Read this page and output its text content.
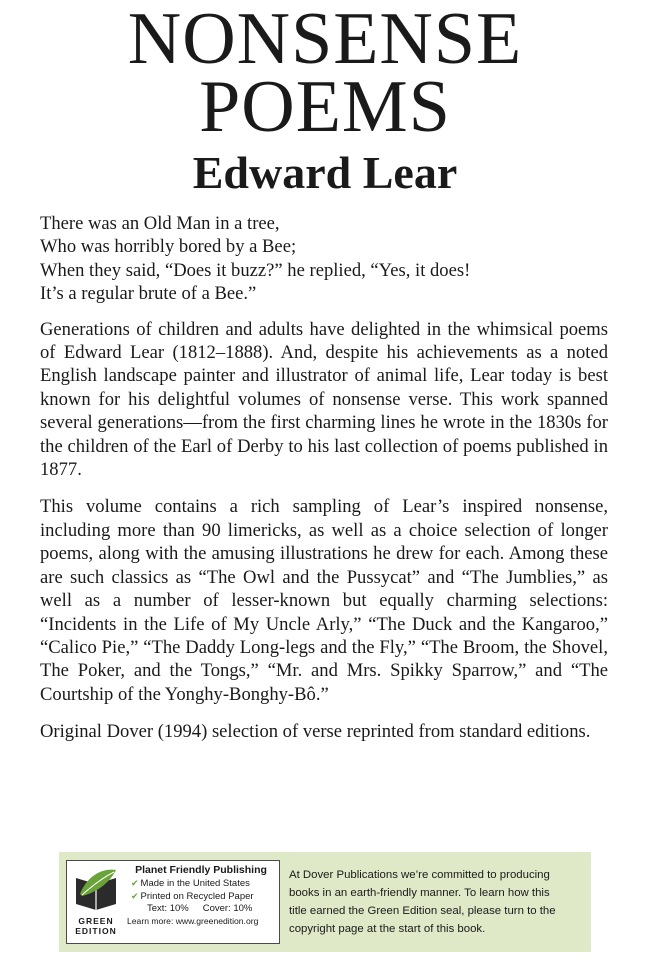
NONSENSE
POEMS
Edward Lear
There was an Old Man in a tree,
Who was horribly bored by a Bee;
When they said, “Does it buzz?” he replied, “Yes, it does!
It’s a regular brute of a Bee.”

Generations of children and adults have delighted in the whimsical poems of Edward Lear (1812–1888). And, despite his achievements as a noted English landscape painter and illustrator of animal life, Lear today is best known for his delightful volumes of nonsense verse. This work spanned several generations—from the first charming lines he wrote in the 1830s for the children of the Earl of Derby to his last collection of poems published in 1877.

This volume contains a rich sampling of Lear’s inspired nonsense, including more than 90 limericks, as well as a choice selection of longer poems, along with the amusing illustrations he drew for each. Among these are such classics as “The Owl and the Pussycat” and “The Jumblies,” as well as a number of lesser-known but equally charming selections: “Incidents in the Life of My Uncle Arly,” “The Duck and the Kangaroo,” “Calico Pie,” “The Daddy Long-legs and the Fly,” “The Broom, the Shovel, The Poker, and the Tongs,” “Mr. and Mrs. Spikky Sparrow,” and “The Courtship of the Yonghy-Bonghy-Bô.”

Original Dover (1994) selection of verse reprinted from standard editions.

GREEN
EDITION
Planet Friendly Publishing
✔ Made in the United States
✔ Printed on Recycled Paper
Text: 10% Cover: 10%
Learn more: www.greenedition.org
At Dover Publications we’re committed to producing
books in an earth-friendly manner. To learn how this
title earned the Green Edition seal, please turn to the
copyright page at the start of this book.
